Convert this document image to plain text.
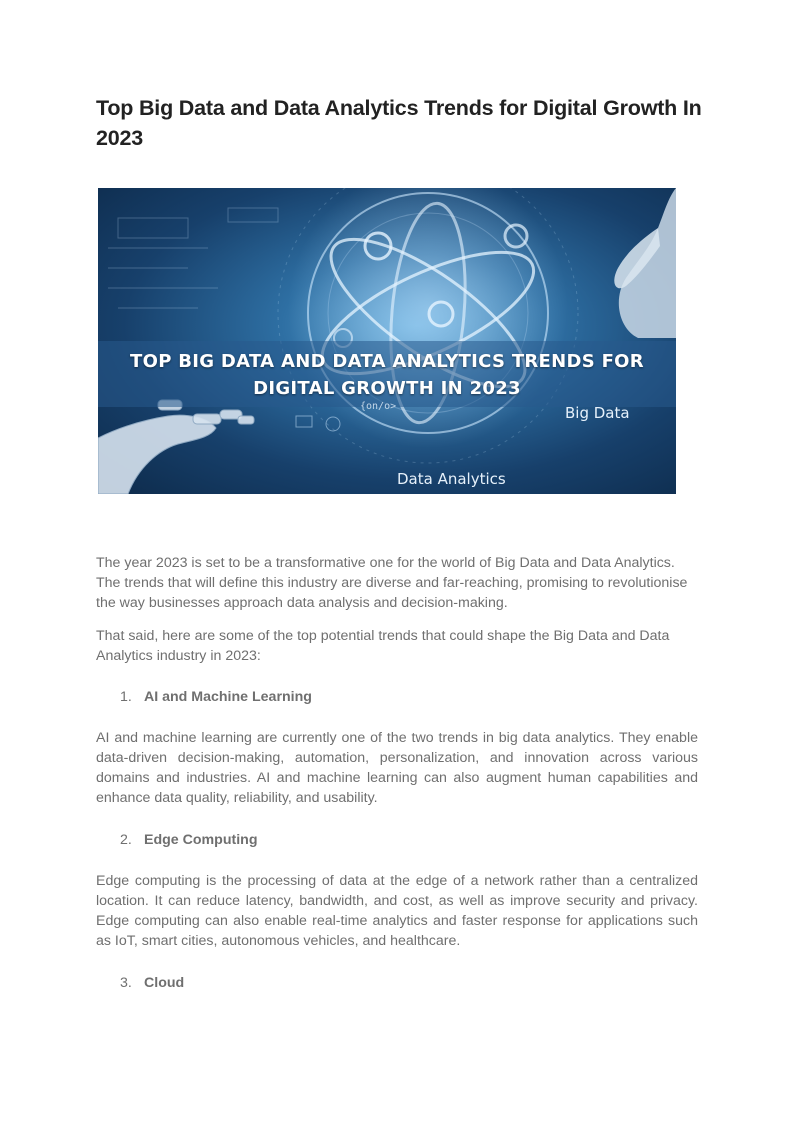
Top Big Data and Data Analytics Trends for Digital Growth In 2023
TOP BIG DATA AND DATA ANALYTICS TRENDS FOR
DIGITAL GROWTH IN 2023
{on/o>	Big Data
Data Analytics

The year 2023 is set to be a transformative one for the world of Big Data and Data Analytics. The trends that will define this industry are diverse and far-reaching, promising to revolutionise the way businesses approach data analysis and decision-making.

That said, here are some of the top potential trends that could shape the Big Data and Data Analytics industry in 2023:

1. AI and Machine Learning

AI and machine learning are currently one of the two trends in big data analytics. They enable data-driven decision-making, automation, personalization, and innovation across various domains and industries. AI and machine learning can also augment human capabilities and enhance data quality, reliability, and usability.

2. Edge Computing

Edge computing is the processing of data at the edge of a network rather than a centralized location. It can reduce latency, bandwidth, and cost, as well as improve security and privacy. Edge computing can also enable real-time analytics and faster response for applications such as IoT, smart cities, autonomous vehicles, and healthcare.

3. Cloud
